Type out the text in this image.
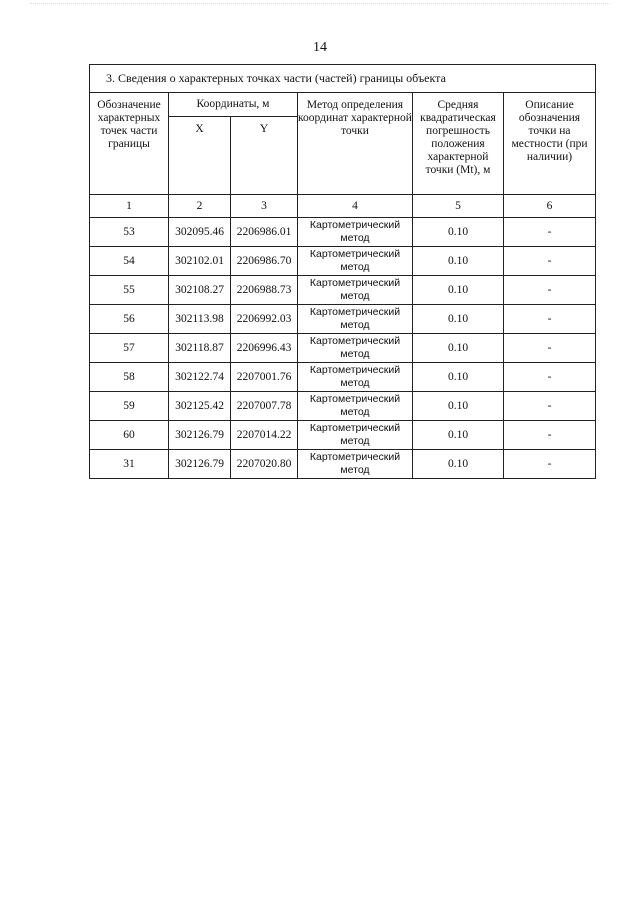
14
3. Сведения о характерных точках части (частей) границы объекта					
Обозначение характерных точек части границы	Координаты, м		Метод определения координат характерной точки	Средняя квадратическая погрешность положения характерной точки (Mt), м	Описание обозначения точки на местности (при наличии)
	X	Y			
1	2	3	4	5	6
53	302095.46	2206986.01	Картометрический метод	0.10	-
54	302102.01	2206986.70	Картометрический метод	0.10	-
55	302108.27	2206988.73	Картометрический метод	0.10	-
56	302113.98	2206992.03	Картометрический метод	0.10	-
57	302118.87	2206996.43	Картометрический метод	0.10	-
58	302122.74	2207001.76	Картометрический метод	0.10	-
59	302125.42	2207007.78	Картометрический метод	0.10	-
60	302126.79	2207014.22	Картометрический метод	0.10	-
31	302126.79	2207020.80	Картометрический метод	0.10	-
